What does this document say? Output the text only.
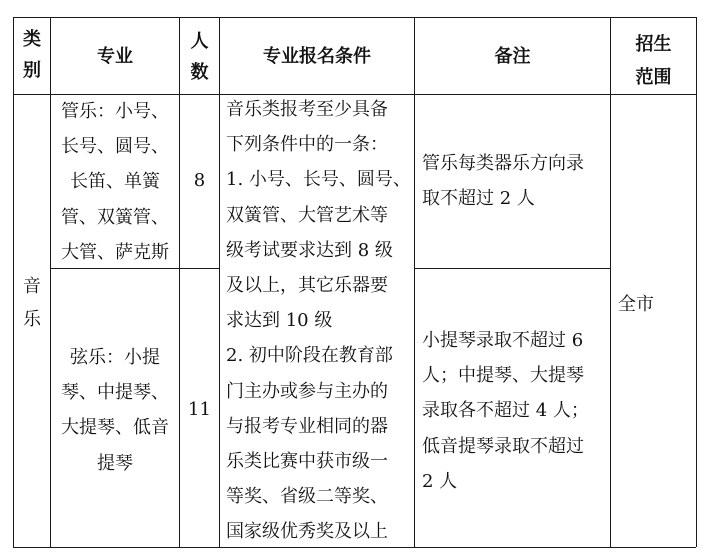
类别
专业
人数
专业报名条件	备注
招生范围
音乐
管乐：小号、
长号、圆号、
长笛、单簧
管、双簧管、
大管、萨克斯
8
管乐每类器乐方向录
取不超过 2 人
弦乐：小提
琴、中提琴、
大提琴、低音
提琴
11
小提琴录取不超过 6
人；中提琴、大提琴
录取各不超过 4 人；
低音提琴录取不超过
2 人
音乐类报考至少具备
下列条件中的一条：
1. 小号、长号、圆号、
双簧管、大管艺术等
级考试要求达到 8 级
及以上，其它乐器要
求达到 10 级
2. 初中阶段在教育部
门主办或参与主办的
与报考专业相同的器
乐类比赛中获市级一
等奖、省级二等奖、
国家级优秀奖及以上
全市
